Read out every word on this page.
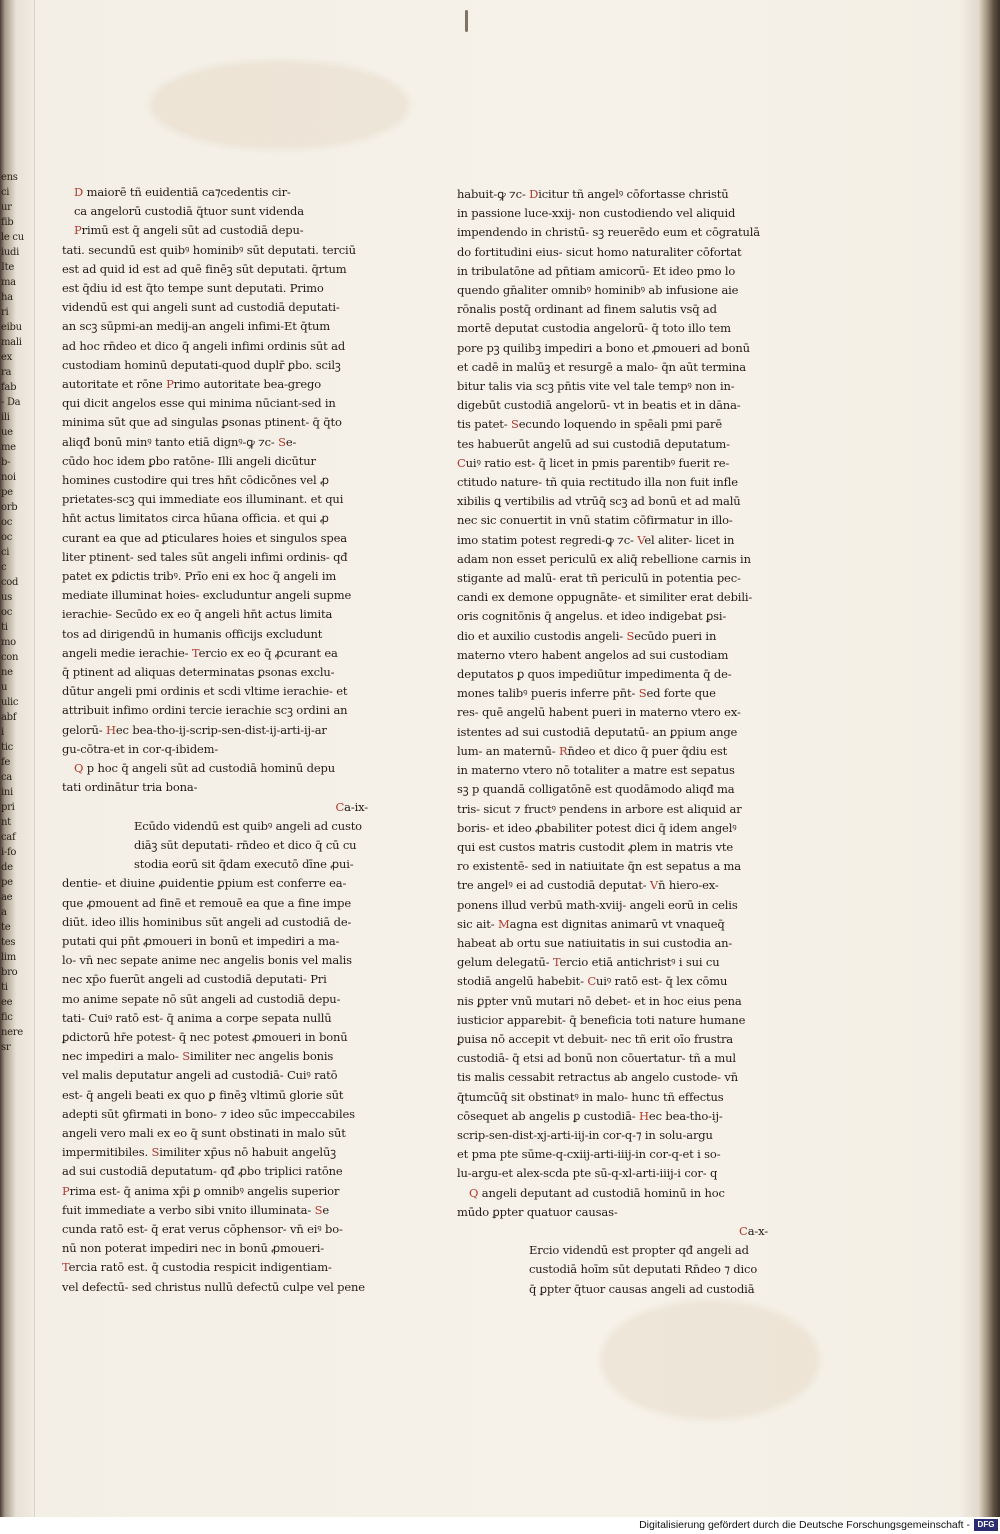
ens
ci
ur
fib
le cu
iudi
Ite
ma
ha
ri
eibu
mali
ex
ra
fab
- Da
ili
ue
me
b-
noi
pe
orb
oc
oc
ci
c
cod
us
oc
ti
mo
con
ne
u
ulic
abf
i
tic
fe
ca
ini
pri
nt
caf
i-fo
de
pe
ae
a
te
tes
lim
bro
ti
ee
fic
nere
sr
D maiorē tñ euidentiā ca⁊cedentis cir-
ca angelorū custodiā q̄tuor sunt videnda
Primū est q̄ angeli sūt ad custodiā depu-
tati. secundū est quibꝰ hominibꝰ sūt deputati. terciū
est ad quid id est ad quē finēꝫ sūt deputati. q̄rtum
est q̄diu id est q̄to tempe sunt deputati. Primo
videndū est qui angeli sunt ad custodiā deputati-
an scꝫ sūpmi-an medij-an angeli infimi-Et q̄tum
ad hoc rn̄deo et dico q̄ angeli infimi ordinis sūt ad
custodiam hominū deputati-quod duplr̄ ꝑbo. scilꝫ
autoritate et rōne Primo autoritate bea-grego
qui dicit angelos esse qui minima nūciant-sed in
minima sūt que ad singulas ꝑsonas ptinent- q̄ q̄to
aliqđ bonū minꝰ tanto etiā dignꝰ-ꝙ ⁊c- Se-
cūdo hoc idem ꝑbo ratōne- Illi angeli dicūtur
homines custodire qui tres hn̄t cōdicōnes vel ꝓ
prietates-scꝫ qui immediate eos illuminant. et qui
hn̄t actus limitatos circa hūana officia. et qui ꝓ
curant ea que ad ꝑticulares hoies et singulos spea
liter ptinent- sed tales sūt angeli infimi ordinis- qđ
patet ex ꝑdictis tribꝰ. Prīo eni ex hoc q̄ angeli im
mediate illuminat hoies- excluduntur angeli supme
ierachie- Secūdo ex eo q̄ angeli hn̄t actus limita
tos ad dirigendū in humanis officijs excludunt
angeli medie ierachie- Tercio ex eo q̄ ꝓcurant ea
q̄ ptinent ad aliquas determinatas ꝑsonas exclu-
dūtur angeli pmi ordinis et scdi vltime ierachie- et
attribuit infimo ordini tercie ierachie scꝫ ordini an
gelorū- Hec bea-tho-ij-scrip-sen-dist-ij-arti-ij-ar
gu-cōtra-et in cor-q-ibidem-
Q p hoc q̄ angeli sūt ad custodiā hominū depu
tati ordinātur tria bona-
Ca-ix-
Ecūdo videndū est quibꝰ angeli ad custo
diāꝫ sūt deputati- rn̄deo et dico q̄ cū cu
stodia eorū sit q̄dam executō dīne ꝓui-
dentie- et diuine ꝓuidentie ꝑpium est conferre ea-
que ꝓmouent ad finē et remouē ea que a fine impe
diūt. ideo illis hominibus sūt angeli ad custodiā de-
putati qui pn̄t ꝓmoueri in bonū et impediri a ma-
lo- vn̄ nec sepate anime nec angelis bonis vel malis
nec xp̄o fuerūt angeli ad custodiā deputati- Pri
mo anime sepate nō sūt angeli ad custodiā depu-
tati- Cuiꝰ ratō est- q̄ anima a corpe sepata nullū
ꝑdictorū hr̄e potest- q̄ nec potest ꝓmoueri in bonū
nec impediri a malo- Similiter nec angelis bonis
vel malis deputatur angeli ad custodiā- Cuiꝰ ratō
est- q̄ angeli beati ex quo ꝑ finēꝫ vltimū glorie sūt
adepti sūt ꝯfirmati in bono- ⁊ ideo sūc impeccabiles
angeli vero mali ex eo q̄ sunt obstinati in malo sūt
impermitibiles. Similiter xp̄us nō habuit angelūꝫ
ad sui custodiā deputatum- qđ ꝓbo triplici ratōne
Prima est- q̄ anima xp̄i ꝑ omnibꝰ angelis superior
fuit immediate a verbo sibi vnito illuminata- Se
cunda ratō est- q̄ erat verus cōphensor- vn̄ eiꝰ bo-
nū non poterat impediri nec in bonū ꝓmoueri-
Tercia ratō est. q̄ custodia respicit indigentiam-
vel defectū- sed christus nullū defectū culpe vel pene
habuit-ꝙ ⁊c- Dicitur tñ angelꝰ cōfortasse christū
in passione luce-xxij- non custodiendo vel aliquid
impendendo in christū- sꝫ reuerēdo eum et cōgratulā
do fortitudini eius- sicut homo naturaliter cōfortat
in tribulatōne ad pn̄tiam amicorū- Et ideo pmo lo
quendo gn̄aliter omnibꝰ hominibꝰ ab infusione aie
rōnalis postq̄ ordinant ad finem salutis vsq̄ ad
mortē deputat custodia angelorū- q̄ toto illo tem
pore pꝫ quilibꝫ impediri a bono et ꝓmoueri ad bonū
et cadē in malūꝫ et resurgē a malo- q̄n aūt termina
bitur talis via scꝫ pn̄tis vite vel tale tempꝰ non in-
digebūt custodiā angelorū- vt in beatis et in dāna-
tis patet- Secundo loquendo in spēali pmi parē
tes habuerūt angelū ad sui custodiā deputatum-
Cuiꝰ ratio est- q̄ licet in pmis parentibꝰ fuerit re-
ctitudo nature- tñ quia rectitudo illa non fuit infle
xibilis ꝗ vertibilis ad vtrūq̄ scꝫ ad bonū et ad malū
nec sic conuertit in vnū statim cōfirmatur in illo-
imo statim potest regredi-ꝙ ⁊c- Vel aliter- licet in
adam non esset periculū ex aliq̄ rebellione carnis in
stigante ad malū- erat tñ periculū in potentia pec-
candi ex demone oppugnāte- et similiter erat debili-
oris cognitōnis q̄ angelus. et ideo indigebat ꝑsi-
dio et auxilio custodis angeli- Secūdo pueri in
materno vtero habent angelos ad sui custodiam
deputatos ꝑ quos impediūtur impedimenta q̄ de-
mones talibꝰ pueris inferre pn̄t- Sed forte que
res- quē angelū habent pueri in materno vtero ex-
istentes ad sui custodiā deputatū- an ꝑpium ange
lum- an maternū- Rn̄deo et dico q̄ puer q̄diu est
in materno vtero nō totaliter a matre est sepatus
sꝫ p quandā colligatōnē est quodāmodo aliqđ ma
tris- sicut ⁊ fructꝰ pendens in arbore est aliquid ar
boris- et ideo ꝓbabiliter potest dici q̄ idem angelꝰ
qui est custos matris custodit ꝓlem in matris vte
ro existentē- sed in natiuitate q̄n est sepatus a ma
tre angelꝰ ei ad custodiā deputat- Vn̄ hiero-ex-
ponens illud verbū math-xviij- angeli eorū in celis
sic ait- Magna est dignitas animarū vt vnaqueq̄
habeat ab ortu sue natiuitatis in sui custodia an-
gelum delegatū- Tercio etiā antichristꝰ i sui cu
stodiā angelū habebit- Cuiꝰ ratō est- q̄ lex cōmu
nis ꝑpter vnū mutari nō debet- et in hoc eius pena
iusticior apparebit- q̄ beneficia toti nature humane
ꝑuisa nō accepit vt debuit- nec tñ erit oīo frustra
custodiā- q̄ etsi ad bonū non cōuertatur- tñ a mul
tis malis cessabit retractus ab angelo custode- vn̄
q̄tumcūq̄ sit obstinatꝰ in malo- hunc tñ effectus
cōsequet ab angelis ꝑ custodiā- Hec bea-tho-ij-
scrip-sen-dist-xj-arti-iij-in cor-q-⁊ in solu-argu
et pma pte sūme-q-cxiij-arti-iiij-in cor-q-et i so-
lu-argu-et alex-scda pte sū-q-xl-arti-iiij-i cor- q
Q angeli deputant ad custodiā hominū in hoc
mūdo ꝑpter quatuor causas-
Ca-x-
Ercio videndū est propter qđ angeli ad
custodiā hoīm sūt deputati Rn̄deo ⁊ dico
q̄ ꝑpter q̄tuor causas angeli ad custodiā
Digitalisierung gefördert durch die Deutsche Forschungsgemeinschaft - DFG
